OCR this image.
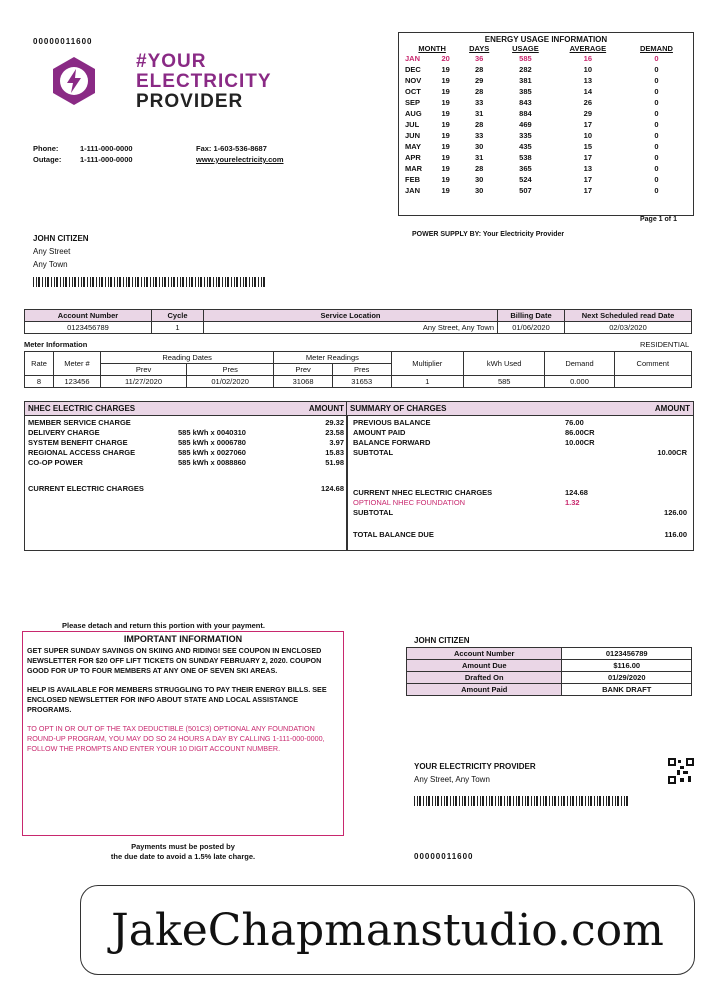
00000011600
#YOUR
ELECTRICITY
PROVIDER
Phone:
Outage:
1-111-000-0000
1-111-000-0000
Fax: 1-603-536-8687
www.yourelectricity.com
JOHN CITIZEN
Any Street
Any Town
ENERGY USAGE INFORMATION
MONTH		DAYS	USAGE	AVERAGE	DEMAND
JAN	20	36	585	16	0
DEC	19	28	282	10	0
NOV	19	29	381	13	0
OCT	19	28	385	14	0
SEP	19	33	843	26	0
AUG	19	31	884	29	0
JUL	19	28	469	17	0
JUN	19	33	335	10	0
MAY	19	30	435	15	0
APR	19	31	538	17	0
MAR	19	28	365	13	0
FEB	19	30	524	17	0
JAN	19	30	507	17	0
Page 1 of 1
POWER SUPPLY BY: Your Electricity Provider
Account Number	Cycle	Service Location	Billing Date	Next Scheduled read Date
0123456789	1	Any Street, Any Town	01/06/2020	02/03/2020
Meter Information	RESIDENTIAL
Rate	Meter #	Reading Dates		Meter Readings		Multiplier	kWh Used	Demand	Comment
		Prev	Pres	Prev	Pres				
8	123456	11/27/2020	01/02/2020	31068	31653	1	585	0.000	
NHEC ELECTRIC CHARGES	AMOUNT
MEMBER SERVICE CHARGE	29.32
DELIVERY CHARGE	585 kWh x 0040310	23.58
SYSTEM BENEFIT CHARGE	585 kWh x 0006780	3.97
REGIONAL ACCESS CHARGE	585 kWh x 0027060	15.83
CO-OP POWER	585 kWh x 0088860	51.98
CURRENT ELECTRIC CHARGES	124.68
SUMMARY OF CHARGES	AMOUNT
PREVIOUS BALANCE	76.00
AMOUNT PAID	86.00CR
BALANCE FORWARD	10.00CR
SUBTOTAL	10.00CR
CURRENT NHEC ELECTRIC CHARGES	124.68
OPTIONAL NHEC FOUNDATION	1.32
SUBTOTAL	126.00
TOTAL BALANCE DUE	116.00
Please detach and return this portion with your payment.
IMPORTANT INFORMATION

GET SUPER SUNDAY SAVINGS ON SKIING AND RIDING! SEE COUPON IN ENCLOSED NEWSLETTER FOR $20 OFF LIFT TICKETS ON SUNDAY FEBRUARY 2, 2020. COUPON GOOD FOR UP TO FOUR MEMBERS AT ANY ONE OF SEVEN SKI AREAS.

HELP IS AVAILABLE FOR MEMBERS STRUGGLING TO PAY THEIR ENERGY BILLS. SEE ENCLOSED NEWSLETTER FOR INFO ABOUT STATE AND LOCAL ASSISTANCE PROGRAMS.

TO OPT IN OR OUT OF THE TAX DEDUCTIBLE (501C3) OPTIONAL ANY FOUNDATION ROUND-UP PROGRAM, YOU MAY DO SO 24 HOURS A DAY BY CALLING 1-111-000-0000, FOLLOW THE PROMPTS AND ENTER YOUR 10 DIGIT ACCOUNT NUMBER.

Payments must be posted by
the due date to avoid a 1.5% late charge.
JOHN CITIZEN
Account Number	0123456789
Amount Due	$116.00
Drafted On	01/29/2020
Amount Paid	BANK DRAFT
YOUR ELECTRICITY PROVIDER
Any Street, Any Town
00000011600
JakeChapmanstudio.com
